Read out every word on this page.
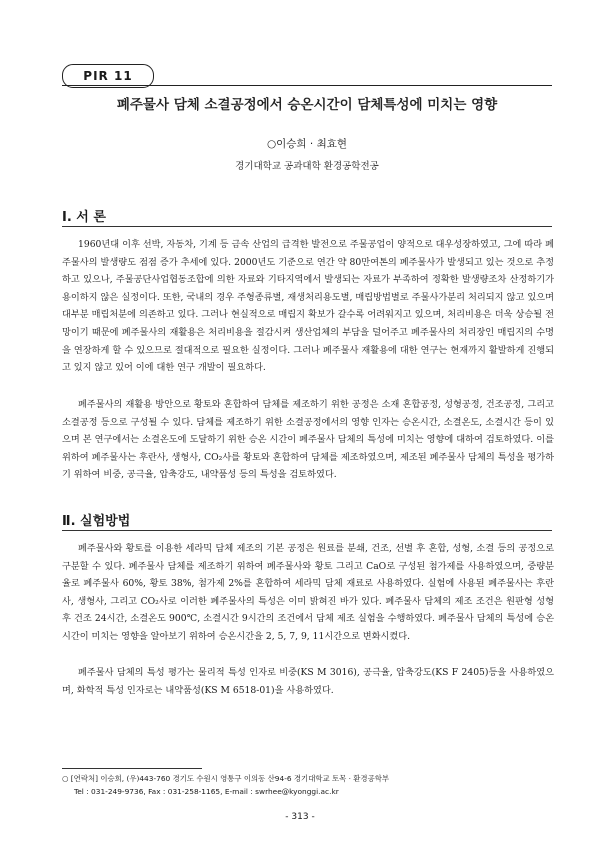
PIR 11
폐주물사 담체 소결공정에서 승온시간이 담체특성에 미치는 영향
○이승희 · 최효현
경기대학교 공과대학 환경공학전공
Ⅰ. 서 론

1960년대 이후 선박, 자동차, 기계 등 금속 산업의 급격한 발전으로 주물공업이 양적으로 대우성장하였고, 그에 따라 폐주물사의 발생량도 점점 증가 추세에 있다. 2000년도 기준으로 연간 약 80만여톤의 폐주물사가 발생되고 있는 것으로 추정하고 있으나, 주물공단사업협동조합에 의한 자료와 기타지역에서 발생되는 자료가 부족하여 정확한 발생량조차 산정하기가 용이하지 않은 실정이다. 또한, 국내의 경우 주형종류별, 재생처리용도별, 매립방법별로 주물사가분리 처리되지 않고 있으며 대부분 매립처분에 의존하고 있다. 그러나 현실적으로 매립지 확보가 갈수록 어려워지고 있으며, 처리비용은 더욱 상승될 전망이기 때문에 폐주물사의 재활용은 처리비용을 절감시켜 생산업체의 부담을 덜어주고 폐주물사의 처리장인 매립지의 수명을 연장하게 할 수 있으므로 절대적으로 필요한 실정이다. 그러나 폐주물사 재활용에 대한 연구는 현재까지 활발하게 진행되고 있지 않고 있어 이에 대한 연구 개발이 필요하다.

폐주물사의 재활용 방안으로 황토와 혼합하여 담체를 제조하기 위한 공정은 소재 혼합공정, 성형공정, 건조공정, 그리고 소결공정 등으로 구성될 수 있다. 담체를 제조하기 위한 소결공정에서의 영향 인자는 승온시간, 소결온도, 소결시간 등이 있으며 본 연구에서는 소결온도에 도달하기 위한 승온 시간이 폐주물사 담체의 특성에 미치는 영향에 대하여 검토하였다. 이를 위하여 폐주물사는 후란사, 생형사, CO₂사를 황토와 혼합하여 담체를 제조하였으며, 제조된 폐주물사 담체의 특성을 평가하기 위하여 비중, 공극율, 압축강도, 내약품성 등의 특성을 검토하였다.

Ⅱ. 실험방법

폐주물사와 황토를 이용한 세라믹 담체 제조의 기본 공정은 원료를 분쇄, 건조, 선별 후 혼합, 성형, 소결 등의 공정으로 구분할 수 있다. 폐주물사 담체를 제조하기 위하여 폐주물사와 황토 그리고 CaO로 구성된 첨가제를 사용하였으며, 중량분율로 폐주물사 60%, 황토 38%, 첨가제 2%를 혼합하여 세라믹 담체 재료로 사용하였다. 실험에 사용된 폐주물사는 후란사, 생형사, 그리고 CO₂사로 이러한 폐주물사의 특성은 이미 밝혀진 바가 있다. 폐주물사 담체의 제조 조건은 원판형 성형 후 건조 24시간, 소결온도 900℃, 소결시간 9시간의 조건에서 담체 제조 실험을 수행하였다. 폐주물사 담체의 특성에 승온시간이 미치는 영향을 알아보기 위하여 승온시간을 2, 5, 7, 9, 11시간으로 변화시켰다.

폐주물사 담체의 특성 평가는 물리적 특성 인자로 비중(KS M 3016), 공극율, 압축강도(KS F 2405)등을 사용하였으며, 화학적 특성 인자로는 내약품성(KS M 6518-01)을 사용하였다.

○ [연락처] 이승희, (우)443-760 경기도 수원시 영통구 이의동 산94-6 경기대학교 토목 · 환경공학부

Tel : 031-249-9736, Fax : 031-258-1165, E-mail : swrhee@kyonggi.ac.kr

- 313 -
